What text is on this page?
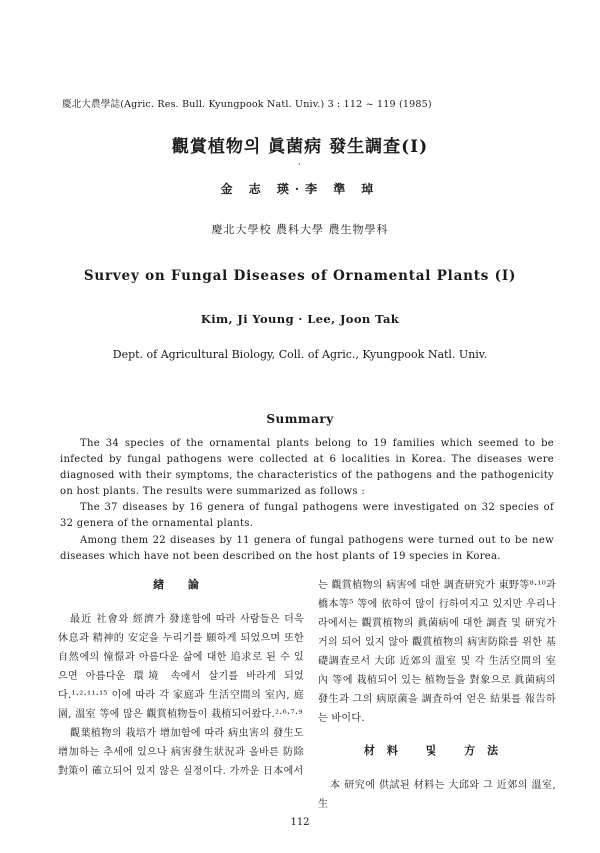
慶北大農學誌(Agric. Res. Bull. Kyungpook Natl. Univ.) 3 : 112 ~ 119 (1985)
觀賞植物의 眞菌病 發生調査(Ⅰ)
·
金 志 瑛·李 準 琸
慶北大學校 農科大學 農生物學科
Survey on Fungal Diseases of Ornamental Plants (Ⅰ)
Kim, Ji Young · Lee, Joon Tak
Dept. of Agricultural Biology, Coll. of Agric., Kyungpook Natl. Univ.
Summary

The 34 species of the ornamental plants belong to 19 families which seemed to be infected by fungal pathogens were collected at 6 localities in Korea. The diseases were diagnosed with their symptoms, the characteristics of the pathogens and the pathogenicity on host plants. The results were summarized as follows :

The 37 diseases by 16 genera of fungal pathogens were investigated on 32 species of 32 genera of the ornamental plants.

Among them 22 diseases by 11 genera of fungal pathogens were turned out to be new diseases which have not been described on the host plants of 19 species in Korea.

緖 論

最近 社會와 經濟가 發達함에 따라 사람들은 더욱 休息과 精神的 安定을 누리기를 願하게 되었으며 또한 自然에의 憧憬과 아름다운 삶에 대한 追求로 된 수 있으면 아름다운 環境 속에서 살기를 바라게 되었다.¹·²·¹¹·¹⁵ 이에 따라 각 家庭과 生活空間의 室內, 庭園, 溫室 等에 많은 觀賞植物들이 栽植되어왔다.²·⁶·⁷·⁹

觀葉植物의 栽培가 增加함에 따라 病虫害의 發生도 增加하는 추세에 있으나 病害發生狀況과 올바른 防除對策이 確立되어 있지 않은 실정이다. 가까운 日本에서

는 觀賞植物의 病害에 대한 調査研究가 東野等⁸·¹⁰과 橋本等⁵ 等에 依하여 많이 行하여지고 있지만 우리나라에서는 觀賞植物의 眞菌病에 대한 調査 및 研究가 거의 되어 있지 않아 觀賞植物의 病害防除를 위한 基礎調査로서 大邱 近郊의 溫室 및 각 生活空間의 室內 等에 栽植되어 있는 植物들을 對象으로 眞菌病의 發生과 그의 病原菌을 調査하여 얻은 結果를 報告하는 바이다.

材料 및 方法

本 研究에 供試된 材料는 大邱와 그 近郊의 溫室, 生

112
